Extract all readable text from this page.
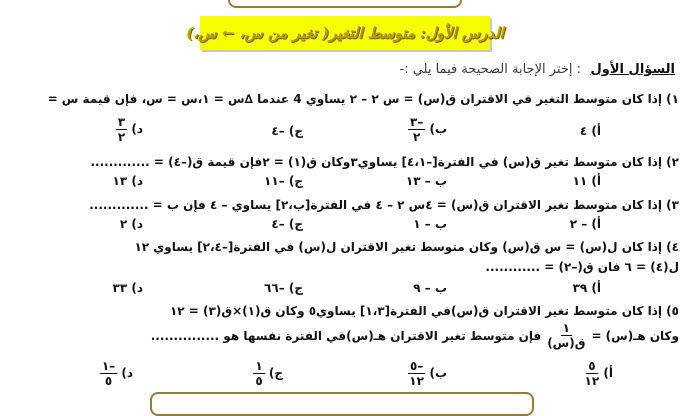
الدرس الأول: متوسط التغير( تغير من س، ← س،)
السؤال الأول
: إختر الإجابة الصحيحة فيما يلي :-
١) إذا كان متوسط التغير في الاقتران ق(س) = س ٢ – ٢ يساوي 4 عندما ∆س = ١،س = س، فإن قيمة س =
أ) ٤
ب)
$\frac{-٣}{٢}$
ج) –٤
د)
$\frac{٣}{٢}$
٢) إذا كان متوسط تغير ق(س) في الفترة[–٤،١] يساوي٣وكان ق(١) = ٢فإن قيمة ق(–٤) = .............
أ) ١١
ب – ١٣
ج) –١١
د) ١٣
٣) إذا كان متوسط تغير الاقتران ق(س) = ٤س ٢ – ٤ في الفترة[ب،٢] يساوي – ٤ فإن ب = .............
أ) – ٢
ب – ١
ج) –٤
د) ٢
٤) إذا كان ل(س) = س ق(س) وكان متوسط تغير الاقتران ل(س) في الفترة[–٢،٤] يساوي ١٢
ل(٤) = ٦ فان ق(–٢) = ............
أ) ٣٩
ب – ٩
ج) –٦٦
د) ٣٣
٥) إذا كان متوسط تغير الاقتران ق(س)في الفترة[١،٣] يساوي٥ وكان ق(١)×ق(٣) = ١٢
وكان هـ(س) =
$\frac{١}{\text{ق(س)}}$
فإن متوسط تغير الاقتران هـ(س)في الفترة نفسها هو ...............
أ)
$\frac{٥}{١٢}$
ب)
$\frac{-٥}{١٢}$
ج)
$\frac{١}{٥}$
د)
$\frac{-١}{٥}$
